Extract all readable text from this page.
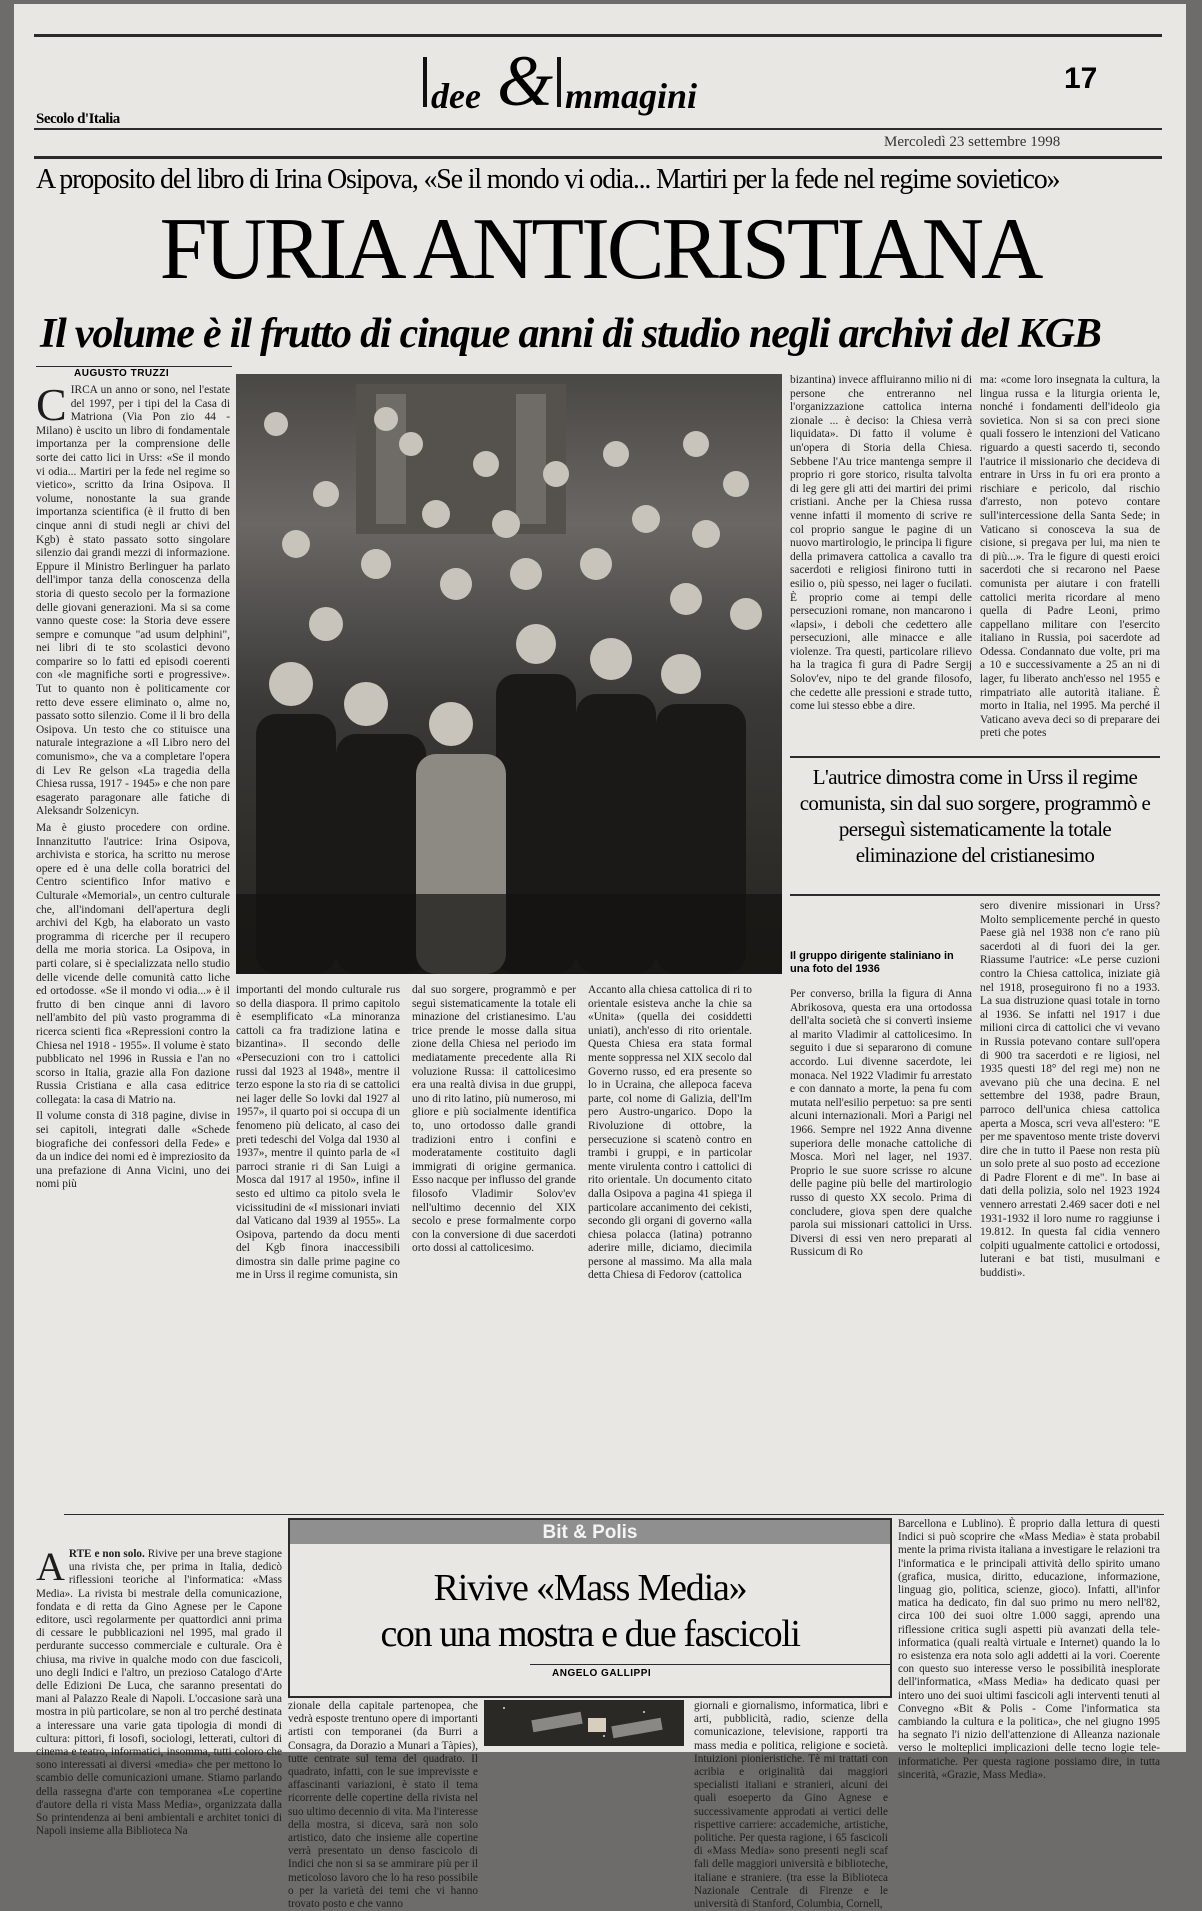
Secolo d'Italia
dee & mmagini	17
Mercoledì 23 settembre 1998
A proposito del libro di Irina Osipova, «Se il mondo vi odia... Martiri per la fede nel regime sovietico»
FURIA ANTICRISTIANA
Il volume è il frutto di cinque anni di studio negli archivi del KGB
AUGUSTO TRUZZI
C IRCA un anno or sono, nel l'estate del 1997, per i tipi del la Casa di Matriona (Via Pon zio 44 - Milano) è uscito un libro di fondamentale importanza per la comprensione delle sorte dei catto lici in Urss: «Se il mondo vi odia... Martiri per la fede nel regime so vietico», scritto da Irina Osipova. Il volume, nonostante la sua grande importanza scientifica (è il frutto di ben cinque anni di studi negli ar chivi del Kgb) è stato passato sotto singolare silenzio dai grandi mezzi di informazione. Eppure il Ministro Berlinguer ha parlato dell'impor tanza della conoscenza della storia di questo secolo per la formazione delle giovani generazioni. Ma si sa come vanno queste cose: la Storia deve essere sempre e comunque "ad usum delphini", nei libri di te sto scolastici devono comparire so lo fatti ed episodi coerenti con «le magnifiche sorti e progressive». Tut to quanto non è politicamente cor retto deve essere eliminato o, alme no, passato sotto silenzio. Come il li bro della Osipova. Un testo che co stituisce una naturale integrazione a «Il Libro nero del comunismo», che va a completare l'opera di Lev Re gelson «La tragedia della Chiesa russa, 1917 - 1945» e che non pare esagerato paragonare alle fatiche di Aleksandr Solzenicyn.

Ma è giusto procedere con ordine. Innanzitutto l'autrice: Irina Osipova, archivista e storica, ha scritto nu merose opere ed è una delle colla boratrici del Centro scientifico Infor mativo e Culturale «Memorial», un centro culturale che, all'indomani dell'apertura degli archivi del Kgb, ha elaborato un vasto programma di ricerche per il recupero della me moria storica. La Osipova, in parti colare, si è specializzata nello studio delle vicende delle comunità catto liche ed ortodosse. «Se il mondo vi odia...» è il frutto di ben cinque anni di lavoro nell'ambito del più vasto programma di ricerca scienti fica «Repressioni contro la Chiesa nel 1918 - 1955». Il volume è stato pubblicato nel 1996 in Russia e l'an no scorso in Italia, grazie alla Fon dazione Russia Cristiana e alla casa editrice collegata: la casa di Matrio na.

Il volume consta di 318 pagine, divise in sei capitoli, integrati dalle «Schede biografiche dei confessori della Fede» e da un indice dei nomi ed è impreziosito da una prefazione di Anna Vicini, uno dei nomi più

importanti del mondo culturale rus so della diaspora. Il primo capitolo è esemplificato «La minoranza cattoli ca fra tradizione latina e bizantina». Il secondo delle «Persecuzioni con tro i cattolici russi dal 1923 al 1948», mentre il terzo espone la sto ria di se cattolici nei lager delle So lovki dal 1927 al 1957», il quarto poi si occupa di un fenomeno più delicato, al caso dei preti tedeschi del Volga dal 1930 al 1937», mentre il quinto parla de «I parroci stranie ri di San Luigi a Mosca dal 1917 al 1950», infine il sesto ed ultimo ca pitolo svela le vicissitudini de «I missionari inviati dal Vaticano dal 1939 al 1955». La Osipova, partendo da docu menti del Kgb finora inaccessibili dimostra sin dalle prime pagine co me in Urss il regime comunista, sin

dal suo sorgere, programmò e per seguì sistematicamente la totale eli minazione del cristianesimo. L'au trice prende le mosse dalla situa zione della Chiesa nel periodo im mediatamente precedente alla Ri voluzione Russa: il cattolicesimo era una realtà divisa in due gruppi, uno di rito latino, più numeroso, mi gliore e più socialmente identifica to, uno ortodosso dalle grandi tradizioni entro i confini e moderatamente costituito dagli immigrati di origine germanica. Esso nacque per influsso del grande filosofo Vladimir Solov'ev nell'ultimo decennio del XIX secolo e prese formalmente corpo con la conversione di due sacerdoti orto dossi al cattolicesimo.

Accanto alla chiesa cattolica di ri to orientale esisteva anche la chie sa «Unita» (quella dei cosiddetti uniati), anch'esso di rito orientale. Questa Chiesa era stata formal mente soppressa nel XIX secolo dal Governo russo, ed era presente so lo in Ucraina, che allepoca faceva parte, col nome di Galizia, dell'Im pero Austro-ungarico. Dopo la Rivoluzione di ottobre, la persecuzione si scatenò contro en trambi i gruppi, e in particolar mente virulenta contro i cattolici di rito orientale. Un documento citato dalla Osipova a pagina 41 spiega il particolare accanimento dei cekisti, secondo gli organi di governo «alla chiesa polacca (latina) potranno aderire mille, diciamo, diecimila persone al massimo. Ma alla mala detta Chiesa di Fedorov (cattolica

bizantina) invece affluiranno milio ni di persone che entreranno nel l'organizzazione cattolica interna zionale ... è deciso: la Chiesa verrà liquidata». Di fatto il volume è un'opera di Storia della Chiesa. Sebbene l'Au trice mantenga sempre il proprio ri gore storico, risulta talvolta di leg gere gli atti dei martiri dei primi cristiani. Anche per la Chiesa russa venne infatti il momento di scrive re col proprio sangue le pagine di un nuovo martirologio, le principa li figure della primavera cattolica a cavallo tra sacerdoti e religiosi finirono tutti in esilio o, più spesso, nei lager o fucilati. È proprio come ai tempi delle persecuzioni romane, non mancarono i «lapsi», i deboli che cedettero alle persecuzioni, alle minacce e alle violenze. Tra questi, particolare rilievo ha la tragica fi gura di Padre Sergij Solov'ev, nipo te del grande filosofo, che cedette alle pressioni e strade tutto, come lui stesso ebbe a dire.

ma: «come loro insegnata la cultura, la lingua russa e la liturgia orienta le, nonché i fondamenti dell'ideolo gia sovietica. Non si sa con preci sione quali fossero le intenzioni del Vaticano riguardo a questi sacerdo ti, secondo l'autrice il missionario che decideva di entrare in Urss in fu ori era pronto a rischiare e pericolo, dal rischio d'arresto, non potevo contare sull'intercessione della Santa Sede; in Vaticano si conosceva la sua de cisione, si pregava per lui, ma nien te di più...». Tra le figure di questi eroici sacerdoti che si recarono nel Paese comunista per aiutare i con fratelli cattolici merita ricordare al meno quella di Padre Leoni, primo cappellano militare con l'esercito italiano in Russia, poi sacerdote ad Odessa. Condannato due volte, pri ma a 10 e successivamente a 25 an ni di lager, fu liberato anch'esso nel 1955 e rimpatriato alle autorità italiane. È morto in Italia, nel 1995. Ma perché il Vaticano aveva deci so di preparare dei preti che potes

L'autrice dimostra come in Urss il regime comunista, sin dal suo sorgere, programmò e perseguì sistematicamente la totale eliminazione del cristianesimo
Il gruppo dirigente staliniano in una foto del 1936

Per converso, brilla la figura di Anna Abrikosova, questa era una ortodossa dell'alta società che si convertì insieme al marito Vladimir al cattolicesimo. In seguito i due si separarono di comune accordo. Lui divenne sacerdote, lei monaca. Nel 1922 Vladimir fu arrestato e con dannato a morte, la pena fu com mutata nell'esilio perpetuo: sa pre senti alcuni internazionali. Morì a Parigi nel 1966. Sempre nel 1922 Anna divenne superiora delle monache cattoliche di Mosca. Morì nel lager, nel 1937. Proprio le sue suore scrisse ro alcune delle pagine più belle del martirologio russo di questo XX secolo. Prima di concludere, giova spen dere qualche parola sui missionari cattolici in Urss. Diversi di essi ven nero preparati al Russicum di Ro

sero divenire missionari in Urss? Molto semplicemente perché in questo Paese già nel 1938 non c'e rano più sacerdoti al di fuori dei la ger. Riassume l'autrice: «Le perse cuzioni contro la Chiesa cattolica, iniziate già nel 1918, proseguirono fi no a 1933. La sua distruzione quasi totale in torno al 1936. Se infatti nel 1917 i due milioni circa di cattolici che vi vevano in Russia potevano contare sull'opera di 900 tra sacerdoti e re ligiosi, nel 1935 questi 18° del regi me) non ne avevano più che una decina. E nel settembre del 1938, padre Braun, parroco dell'unica chiesa cattolica aperta a Mosca, scri veva all'estero: "E per me spaventoso mente triste dovervi dire che in tutto il Paese non resta più un solo prete al suo posto ad eccezione di Padre Florent e di me". In base ai dati della polizia, solo nel 1923 1924 vennero arrestati 2.469 sacer doti e nel 1931-1932 il loro nume ro raggiunse i 19.812. In questa fal cidia vennero colpiti ugualmente cattolici e ortodossi, luterani e bat tisti, musulmani e buddisti».

Bit & Polis
Rivive «Mass Media»
con una mostra e due fascicoli
ANGELO GALLIPPI
A RTE e non solo. Rivive per una breve stagione una rivista che, per prima in Italia, dedicò riflessioni teoriche al l'informatica: «Mass Media». La rivista bi mestrale della comunicazione, fondata e di retta da Gino Agnese per le Capone editore, uscì regolarmente per quattordici anni prima di cessare le pubblicazioni nel 1995, mal grado il perdurante successo commerciale e culturale. Ora è chiusa, ma rivive in qualche modo con due fascicoli, uno degli Indici e l'altro, un prezioso Catalogo d'Arte delle Edizioni De Luca, che saranno presentati do mani al Palazzo Reale di Napoli. L'occasione sarà una mostra in più particolare, se non al tro perché destinata a interessare una varie gata tipologia di mondi di cultura: pittori, fi losofi, sociologi, letterati, cultori di cinema e teatro, informatici, insomma, tutti coloro che sono interessati ai diversi «media» che per mettono lo scambio delle comunicazioni umane. Stiamo parlando della rassegna d'arte con temporanea «Le copertine d'autore della ri vista Mass Media», organizzata dalla So printendenza ai beni ambientali e architet tonici di Napoli insieme alla Biblioteca Na

zionale della capitale partenopea, che vedrà esposte trentuno opere di importanti artisti con temporanei (da Burri a Consagra, da Dorazio a Munari a Tàpies), tutte centrate sul tema del quadrato. Il quadrato, infatti, con le sue imprevisste e affascinanti variazioni, è stato il tema ricorrente delle copertine della rivista nel suo ultimo decennio di vita. Ma l'interesse della mostra, si diceva, sarà non solo artistico, dato che insieme alle copertine verrà presentato un denso fascicolo di Indici che non si sa se ammirare più per il meticoloso lavoro che lo ha reso possibile o per la varietà dei temi che vi hanno trovato posto e che vanno

giornali e giornalismo, informatica, libri e arti, pubblicità, radio, scienze della comunicazione, televisione, rapporti tra mass media e politica, religione e società. Intuizioni pionieristiche. Tè mi trattati con acribia e originalità dai maggiori specialisti italiani e stranieri, alcuni dei quali esoeperto da Gino Agnese e successivamente approdati ai vertici delle rispettive carriere: accademiche, artistiche, politiche. Per questa ragione, i 65 fascicoli di «Mass Media» sono presenti negli scaf fali delle maggiori università e biblioteche, italiane e straniere. (tra esse la Biblioteca Nazionale Centrale di Firenze e le università di Stanford, Columbia, Cornell,

Barcellona e Lublino). È proprio dalla lettura di questi Indici si può scoprire che «Mass Media» è stata probabil mente la prima rivista italiana a investigare le relazioni tra l'informatica e le principali attività dello spirito umano (grafica, musica, diritto, educazione, informazione, linguag gio, politica, scienze, gioco). Infatti, all'infor matica ha dedicato, fin dal suo primo nu mero nell'82, circa 100 dei suoi oltre 1.000 saggi, aprendo una riflessione critica sugli aspetti più avanzati della tele-informatica (quali realtà virtuale e Internet) quando la lo ro esistenza era nota solo agli addetti ai la vori. Coerente con questo suo interesse verso le possibilità inesplorate dell'informatica, «Mass Media» ha dedicato quasi per intero uno dei suoi ultimi fascicoli agli interventi tenuti al Convegno «Bit & Polis - Come l'informatica sta cambiando la cultura e la politica», che nel giugno 1995 ha segnato l'i nizio dell'attenzione di Alleanza nazionale verso le molteplici implicazioni delle tecno logie tele-informatiche. Per questa ragione possiamo dire, in tutta sincerità, «Grazie, Mass Media».
